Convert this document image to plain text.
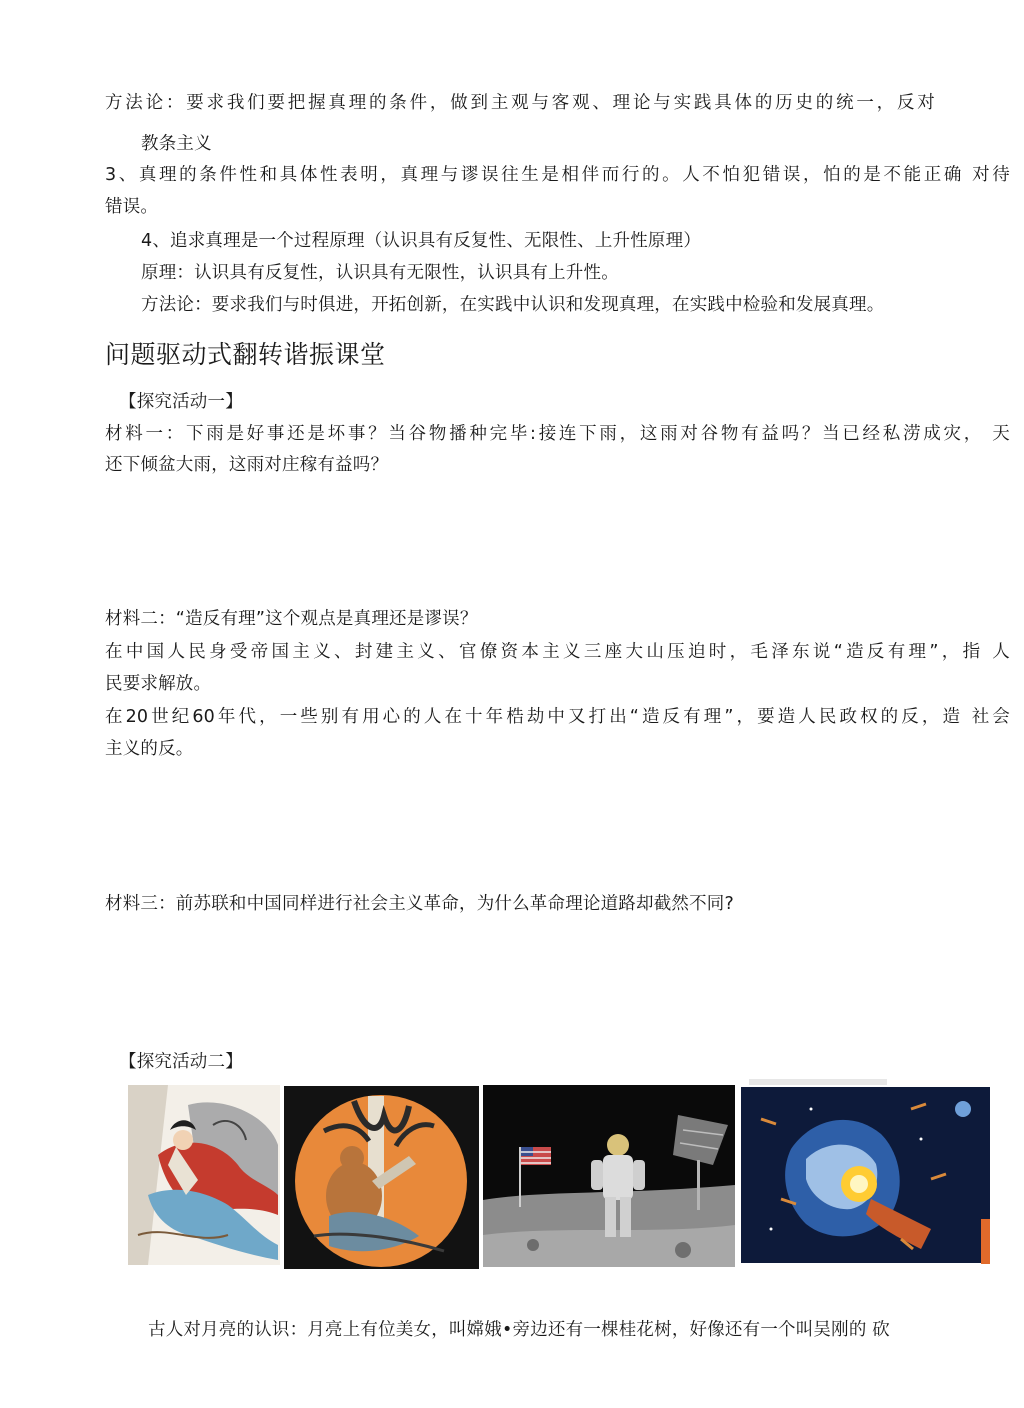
方法论：要求我们要把握真理的条件，做到主观与客观、理论与实践具体的历史的统一，反对
教条主义
3、真理的条件性和具体性表明，真理与谬误往生是相伴而行的。人不怕犯错误，怕的是不能正确 对待
错误。
4、追求真理是一个过程原理（认识具有反复性、无限性、上升性原理）
原理：认识具有反复性，认识具有无限性，认识具有上升性。
方法论：要求我们与时俱进，开拓创新，在实践中认识和发现真理，在实践中检验和发展真理。
问题驱动式翻转谐振课堂
【探究活动一】
材料一：下雨是好事还是坏事？当谷物播种完毕:接连下雨，这雨对谷物有益吗？当已经私涝成灾， 天
还下倾盆大雨，这雨对庄稼有益吗？
材料二：“造反有理”这个观点是真理还是谬误？
在中国人民身受帝国主义、封建主义、官僚资本主义三座大山压迫时，毛泽东说“造反有理”，指 人
民要求解放。
在20世纪60年代，一些别有用心的人在十年梏劫中又打出“造反有理”，要造人民政权的反，造 社会
主义的反。
材料三：前苏联和中国同样进行社会主义革命，为什么革命理论道路却截然不同?
【探究活动二】
古人对月亮的认识：月亮上有位美女，叫嫦娥•旁边还有一棵桂花树，好像还有一个叫吴刚的 砍
